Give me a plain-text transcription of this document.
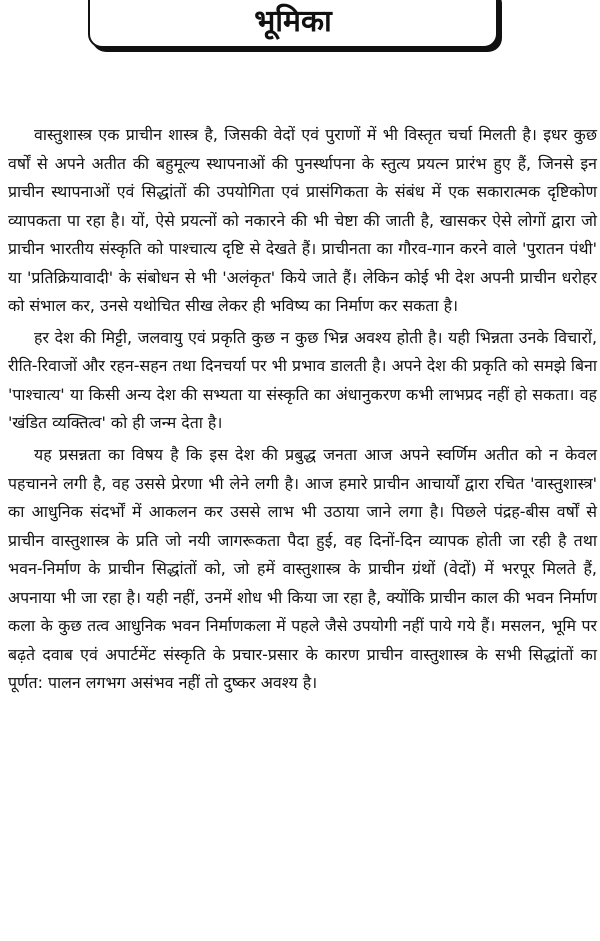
भूमिका

वास्तुशास्त्र एक प्राचीन शास्त्र है, जिसकी वेदों एवं पुराणों में भी विस्तृत चर्चा मिलती है। इधर कुछ वर्षों से अपने अतीत की बहुमूल्य स्थापनाओं की पुनर्स्थापना के स्तुत्य प्रयत्न प्रारंभ हुए हैं, जिनसे इन प्राचीन स्थापनाओं एवं सिद्धांतों की उपयोगिता एवं प्रासंगिकता के संबंध में एक सकारात्मक दृष्टिकोण व्यापकता पा रहा है। यों, ऐसे प्रयत्नों को नकारने की भी चेष्टा की जाती है, खासकर ऐसे लोगों द्वारा जो प्राचीन भारतीय संस्कृति को पाश्चात्य दृष्टि से देखते हैं। प्राचीनता का गौरव-गान करने वाले 'पुरातन पंथी' या 'प्रतिक्रियावादी' के संबोधन से भी 'अलंकृत' किये जाते हैं। लेकिन कोई भी देश अपनी प्राचीन धरोहर को संभाल कर, उनसे यथोचित सीख लेकर ही भविष्य का निर्माण कर सकता है।

हर देश की मिट्टी, जलवायु एवं प्रकृति कुछ न कुछ भिन्न अवश्य होती है। यही भिन्नता उनके विचारों, रीति-रिवाजों और रहन-सहन तथा दिनचर्या पर भी प्रभाव डालती है। अपने देश की प्रकृति को समझे बिना 'पाश्चात्य' या किसी अन्य देश की सभ्यता या संस्कृति का अंधानुकरण कभी लाभप्रद नहीं हो सकता। वह 'खंडित व्यक्तित्व' को ही जन्म देता है।

यह प्रसन्नता का विषय है कि इस देश की प्रबुद्ध जनता आज अपने स्वर्णिम अतीत को न केवल पहचानने लगी है, वह उससे प्रेरणा भी लेने लगी है। आज हमारे प्राचीन आचार्यों द्वारा रचित 'वास्तुशास्त्र' का आधुनिक संदर्भों में आकलन कर उससे लाभ भी उठाया जाने लगा है। पिछले पंद्रह-बीस वर्षों से प्राचीन वास्तुशास्त्र के प्रति जो नयी जागरूकता पैदा हुई, वह दिनों-दिन व्यापक होती जा रही है तथा भवन-निर्माण के प्राचीन सिद्धांतों को, जो हमें वास्तुशास्त्र के प्राचीन ग्रंथों (वेदों) में भरपूर मिलते हैं, अपनाया भी जा रहा है। यही नहीं, उनमें शोध भी किया जा रहा है, क्योंकि प्राचीन काल की भवन निर्माण कला के कुछ तत्व आधुनिक भवन निर्माणकला में पहले जैसे उपयोगी नहीं पाये गये हैं। मसलन, भूमि पर बढ़ते दवाब एवं अपार्टमेंट संस्कृति के प्रचार-प्रसार के कारण प्राचीन वास्तुशास्त्र के सभी सिद्धांतों का पूर्णत: पालन लगभग असंभव नहीं तो दुष्कर अवश्य है।
